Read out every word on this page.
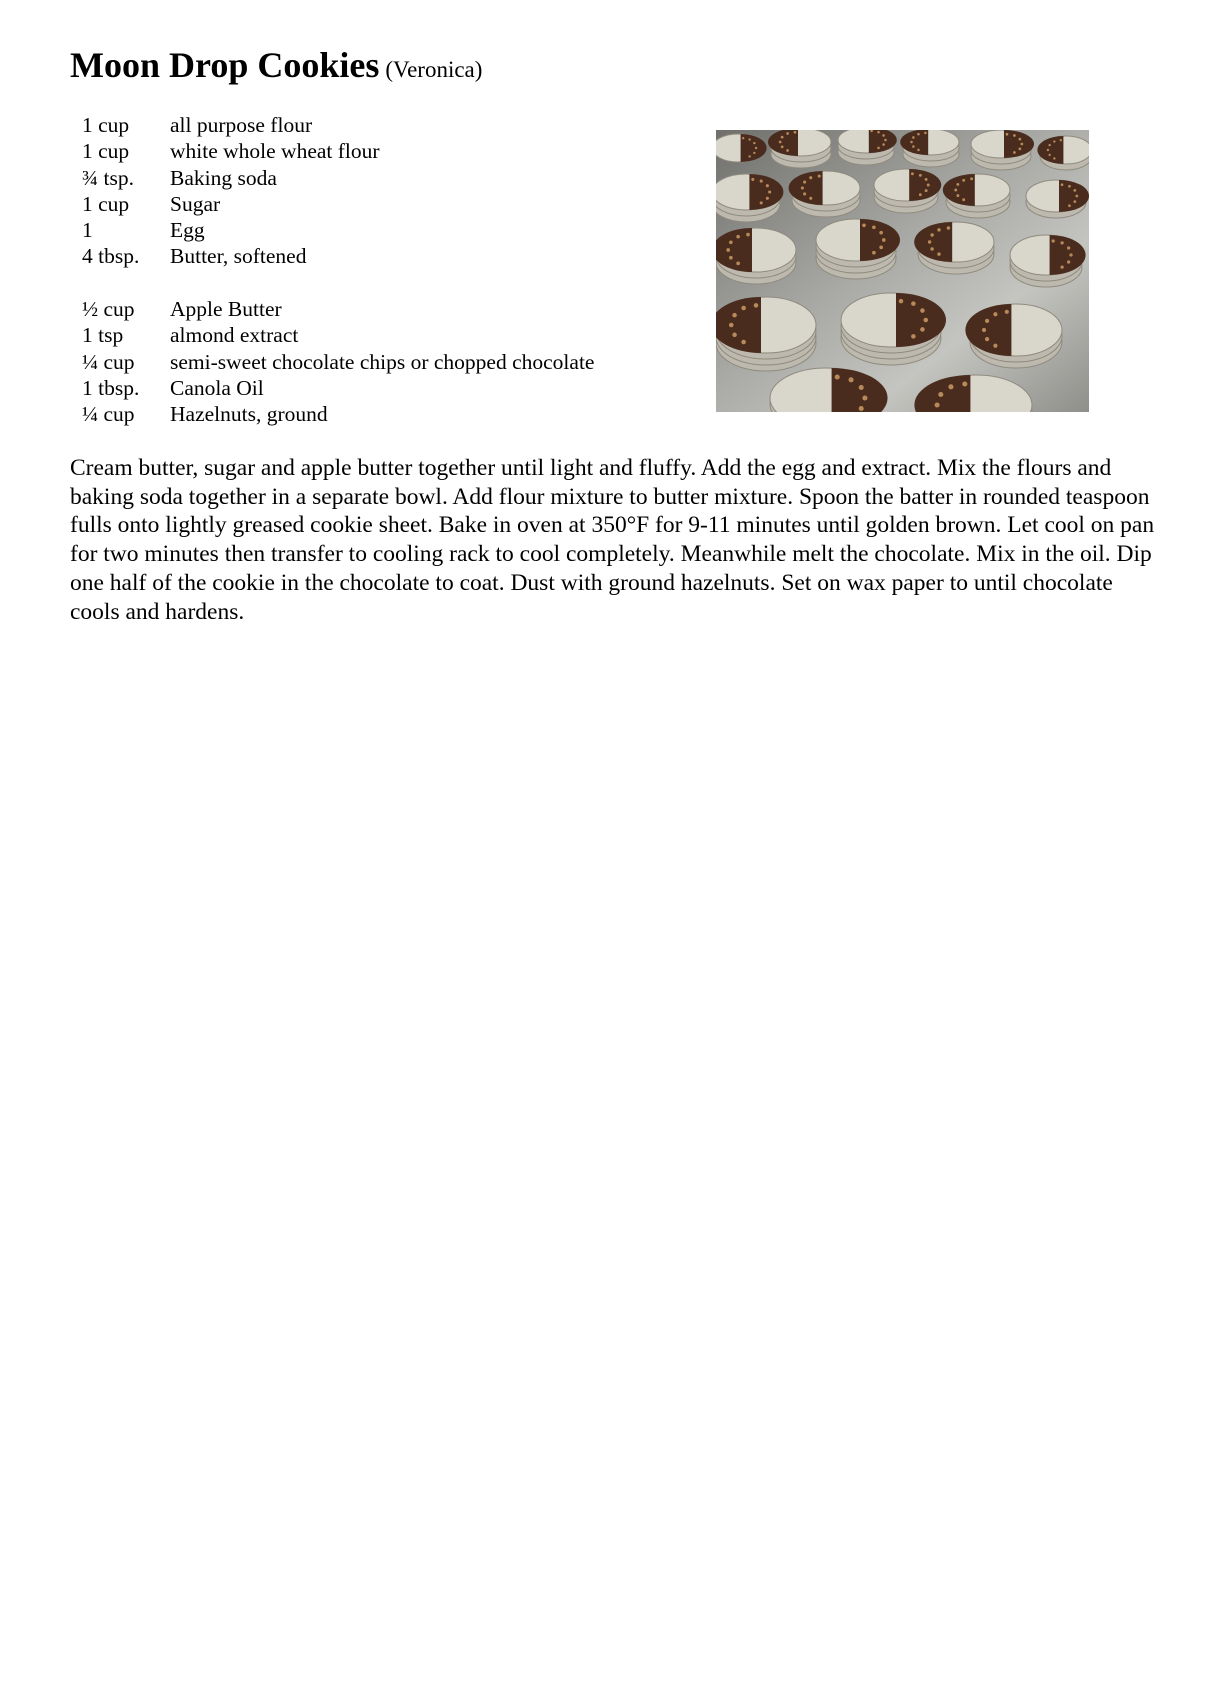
Moon Drop Cookies (Veronica)
1 cup	all purpose flour
1 cup	white whole wheat flour
¾ tsp.	Baking soda
1 cup	Sugar
1	Egg
4 tbsp.	Butter, softened
½ cup	Apple Butter
1 tsp	almond extract
¼ cup	semi-sweet chocolate chips or chopped chocolate
1 tbsp.	Canola Oil
¼ cup	Hazelnuts, ground
Cream butter, sugar and apple butter together until light and fluffy. Add the egg and extract. Mix the flours and baking soda together in a separate bowl. Add flour mixture to butter mixture. Spoon the batter in rounded teaspoon fulls onto lightly greased cookie sheet. Bake in oven at 350°F for 9-11 minutes until golden brown. Let cool on pan for two minutes then transfer to cooling rack to cool completely. Meanwhile melt the chocolate. Mix in the oil. Dip one half of the cookie in the chocolate to coat. Dust with ground hazelnuts. Set on wax paper to until chocolate cools and hardens.
